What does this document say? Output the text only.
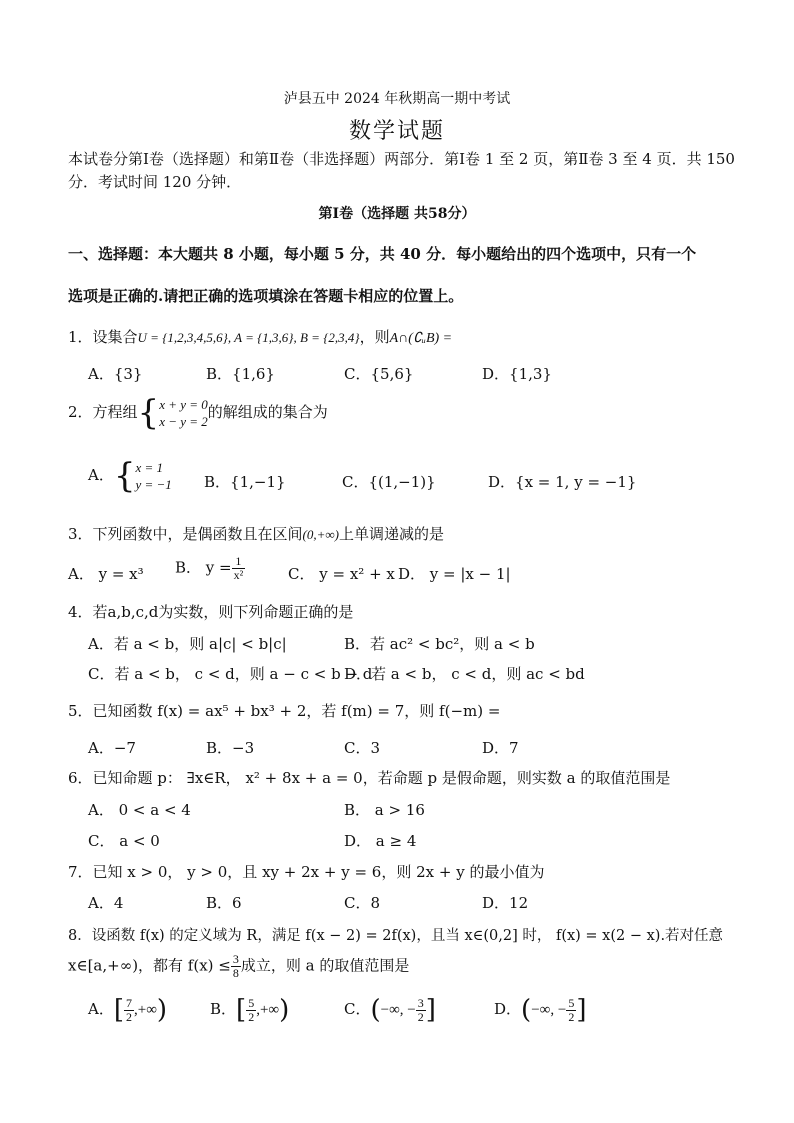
泸县五中 2024 年秋期高一期中考试
数学试题
本试卷分第Ⅰ卷（选择题）和第Ⅱ卷（非选择题）两部分．第Ⅰ卷 1 至 2 页，第Ⅱ卷 3 至 4 页．共 150 分．考试时间 120 分钟．
第Ⅰ卷（选择题 共58分）
一、选择题：本大题共 8 小题，每小题 5 分，共 40 分．每小题给出的四个选项中，只有一个
选项是正确的.请把正确的选项填涂在答题卡相应的位置上。
1．设集合U = {1,2,3,4,5,6}, A = {1,3,6}, B = {2,3,4}，则A∩(∁ᵤB) =
A．{3}	B．{1,6}	C．{5,6}	D．{1,3}
2．方程组{ x + y = 0
x − y = 2
的解组成的集合为
A．{ x = 1
y = −1 B．{1,−1}	C．{(1,−1)}	D．{x = 1, y = −1}
3．下列函数中，是偶函数且在区间(0,+∞)上单调递减的是
A． y = x³ B． $y = \frac{1}{\text{x²}}$	C． y = x² + x D． y = |x − 1|
4．若a,b,c,d为实数，则下列命题正确的是
A．若 a < b，则 a|c| < b|c|	B．若 ac² < bc²，则 a < b
C．若 a < b， c < d，则 a − c < b − d
D．若 a < b， c < d，则 ac < bd
5．已知函数 f(x) = ax⁵ + bx³ + 2，若 f(m) = 7，则 f(−m) =
A．−7	B．−3	C．3	D．7
6．已知命题 p： ∃x∈R， x² + 8x + a = 0，若命题 p 是假命题，则实数 a 的取值范围是
A． 0 < a < 4	B． a > 16
C． a < 0	D． a ≥ 4
7．已知 x > 0， y > 0，且 xy + 2x + y = 6，则 2x + y 的最小值为
A．4	B．6	C．8	D．12
8．设函数 f(x) 的定义域为 R，满足 f(x − 2) = 2f(x)，且当 x∈(0,2] 时， f(x) = x(2 − x).若对任意
x∈[a,+∞)，都有 $f(x) \le \frac{3}{8}$ 成立，则 a 的取值范围是
A．[ $\frac{7}{2}$ ,+∞)	B．[ $\frac{5}{2}$ ,+∞)	C．(−∞, − $\frac{3}{2}$ ]	D．(−∞, − $\frac{5}{2}$ ]
